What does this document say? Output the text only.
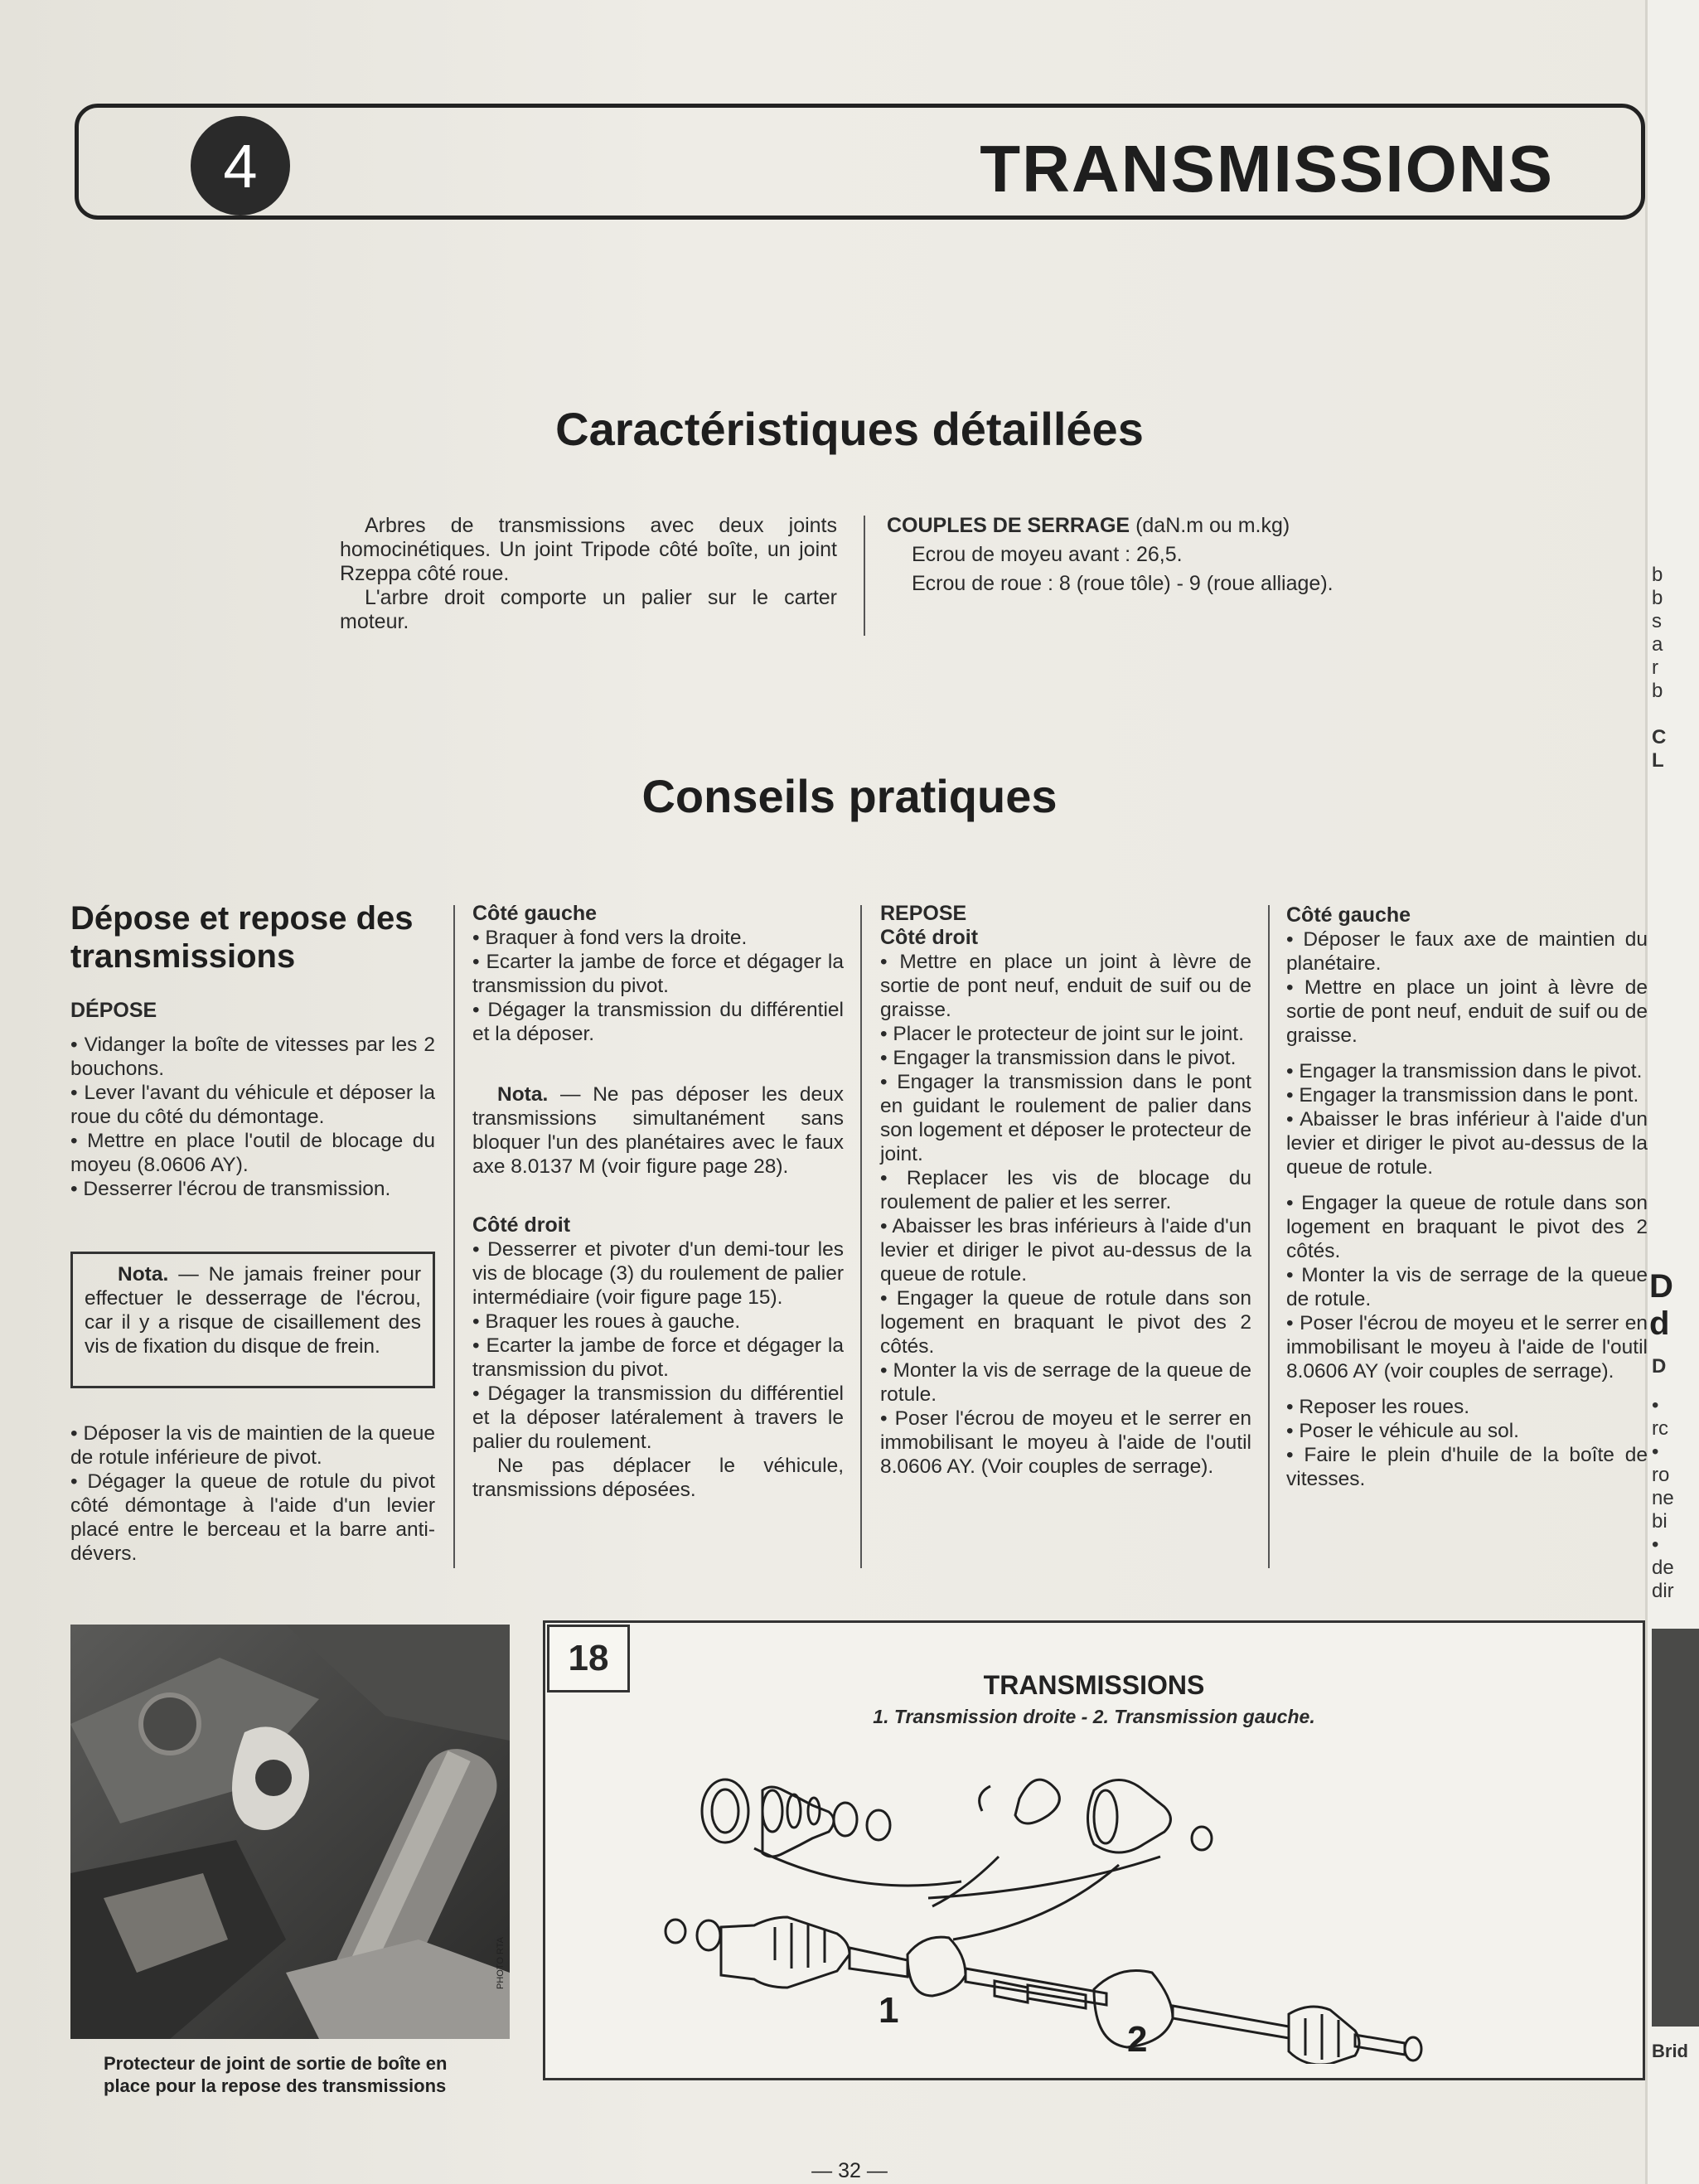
4	TRANSMISSIONS
Caractéristiques détaillées

Arbres de transmissions avec deux joints homocinétiques. Un joint Tripode côté boîte, un joint Rzeppa côté roue.

L'arbre droit comporte un palier sur le carter moteur.

COUPLES DE SERRAGE (daN.m ou m.kg)

Ecrou de moyeu avant : 26,5.

Ecrou de roue : 8 (roue tôle) - 9 (roue alliage).

Conseils pratiques
Dépose et repose des transmissions

DÉPOSE

• Vidanger la boîte de vitesses par les 2 bouchons.

• Lever l'avant du véhicule et déposer la roue du côté du démontage.

• Mettre en place l'outil de blocage du moyeu (8.0606 AY).

• Desserrer l'écrou de transmission.

Nota. — Ne jamais freiner pour effectuer le desserrage de l'écrou, car il y a risque de cisaillement des vis de fixation du disque de frein.

• Déposer la vis de maintien de la queue de rotule inférieure de pivot.

• Dégager la queue de rotule du pivot côté démontage à l'aide d'un levier placé entre le berceau et la barre anti-dévers.

Côté gauche

• Braquer à fond vers la droite.

• Ecarter la jambe de force et dégager la transmission du pivot.

• Dégager la transmission du différentiel et la déposer.

Nota. — Ne pas déposer les deux transmissions simultanément sans bloquer l'un des planétaires avec le faux axe 8.0137 M (voir figure page 28).

Côté droit

• Desserrer et pivoter d'un demi-tour les vis de blocage (3) du roulement de palier intermédiaire (voir figure page 15).

• Braquer les roues à gauche.

• Ecarter la jambe de force et dégager la transmission du pivot.

• Dégager la transmission du différentiel et la déposer latéralement à travers le palier du roulement.

Ne pas déplacer le véhicule, transmissions déposées.

REPOSE

Côté droit

• Mettre en place un joint à lèvre de sortie de pont neuf, enduit de suif ou de graisse.

• Placer le protecteur de joint sur le joint.

• Engager la transmission dans le pivot.

• Engager la transmission dans le pont en guidant le roulement de palier dans son logement et déposer le protecteur de joint.

• Replacer les vis de blocage du roulement de palier et les serrer.

• Abaisser les bras inférieurs à l'aide d'un levier et diriger le pivot au-dessus de la queue de rotule.

• Engager la queue de rotule dans son logement en braquant le pivot des 2 côtés.

• Monter la vis de serrage de la queue de rotule.

• Poser l'écrou de moyeu et le serrer en immobilisant le moyeu à l'aide de l'outil 8.0606 AY. (Voir couples de serrage).

Côté gauche

• Déposer le faux axe de maintien du planétaire.

• Mettre en place un joint à lèvre de sortie de pont neuf, enduit de suif ou de graisse.

• Engager la transmission dans le pivot.

• Engager la transmission dans le pont.

• Abaisser le bras inférieur à l'aide d'un levier et diriger le pivot au-dessus de la queue de rotule.

• Engager la queue de rotule dans son logement en braquant le pivot des 2 côtés.

• Monter la vis de serrage de la queue de rotule.

• Poser l'écrou de moyeu et le serrer en immobilisant le moyeu à l'aide de l'outil 8.0606 AY (voir couples de serrage).

• Reposer les roues.

• Poser le véhicule au sol.

• Faire le plein d'huile de la boîte de vitesses.

PHOTO RTA
Protecteur de joint de sortie de boîte en place pour la repose des transmissions
18
TRANSMISSIONS
1. Transmission droite - 2. Transmission gauche.
1
2
— 32 —
b
b
s
a
r
b
C
L
D
d
D
•
rc
•
ro
ne
bi
•
de
dir
Brid
